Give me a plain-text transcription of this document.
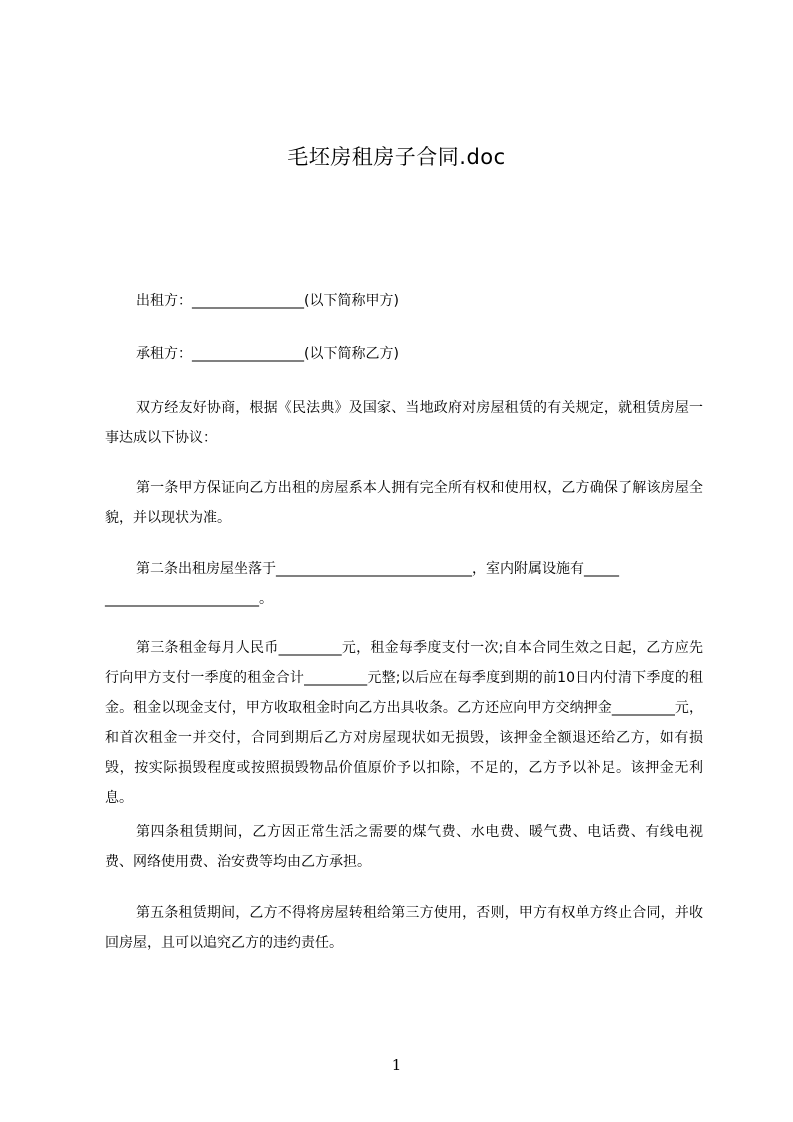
毛坯房租房子合同.doc

出租方：________________(以下简称甲方)

承租方：________________(以下简称乙方)

双方经友好协商，根据《民法典》及国家、当地政府对房屋租赁的有关规定，就租赁房屋一事达成以下协议：

第一条甲方保证向乙方出租的房屋系本人拥有完全所有权和使用权，乙方确保了解该房屋全貌，并以现状为准。

第二条出租房屋坐落于____________________________，室内附属设施有_____
______________________。

第三条租金每月人民币_________元，租金每季度支付一次;自本合同生效之日起，乙方应先行向甲方支付一季度的租金合计_________元整;以后应在每季度到期的前10日内付清下季度的租金。租金以现金支付，甲方收取租金时向乙方出具收条。乙方还应向甲方交纳押金_________元，和首次租金一并交付，合同到期后乙方对房屋现状如无损毁，该押金全额退还给乙方，如有损毁，按实际损毁程度或按照损毁物品价值原价予以扣除，不足的，乙方予以补足。该押金无利息。

第四条租赁期间，乙方因正常生活之需要的煤气费、水电费、暖气费、电话费、有线电视费、网络使用费、治安费等均由乙方承担。

第五条租赁期间，乙方不得将房屋转租给第三方使用，否则，甲方有权单方终止合同，并收回房屋，且可以追究乙方的违约责任。

1
